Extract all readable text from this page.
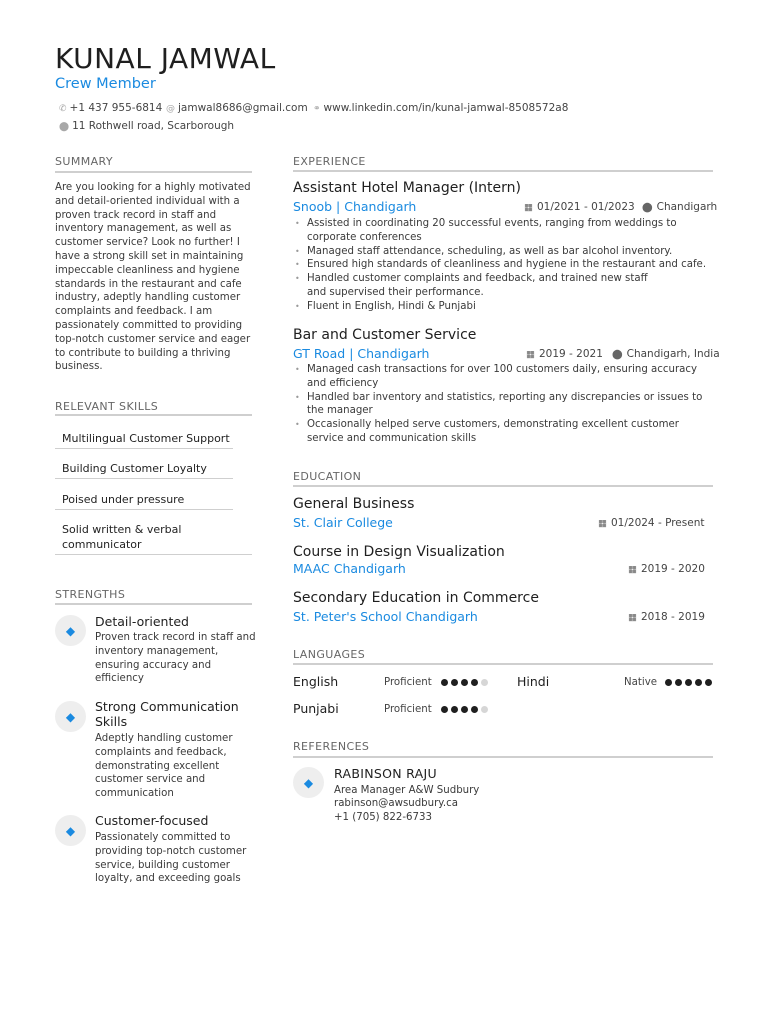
KUNAL JAMWAL
Crew Member
✆ +1 437 955-6814 @ jamwal8686@gmail.com ⚭ www.linkedin.com/in/kunal-jamwal-8508572a8
⬤ 11 Rothwell road, Scarborough
SUMMARY
Are you looking for a highly motivated
and detail-oriented individual with a
proven track record in staff and
inventory management, as well as
customer service? Look no further! I
have a strong skill set in maintaining
impeccable cleanliness and hygiene
standards in the restaurant and cafe
industry, adeptly handling customer
complaints and feedback. I am
passionately committed to providing
top-notch customer service and eager
to contribute to building a thriving
business.
RELEVANT SKILLS
Multilingual Customer Support
Building Customer Loyalty
Poised under pressure
Solid written & verbal communicator
STRENGTHS
◆
Detail-oriented
Proven track record in staff and inventory management, ensuring accuracy and efficiency
◆
Strong Communication Skills
Adeptly handling customer complaints and feedback, demonstrating excellent customer service and communication
◆
Customer-focused
Passionately committed to providing top-notch customer service, building customer loyalty, and exceeding goals
EXPERIENCE
Assistant Hotel Manager (Intern)
Snoob | Chandigarh	▦ 01/2021 - 01/2023 ⬤ Chandigarh
• Assisted in coordinating 20 successful events, ranging from weddings to corporate conferences
• Managed staff attendance, scheduling, as well as bar alcohol inventory.
• Ensured high standards of cleanliness and hygiene in the restaurant and cafe.
• Handled customer complaints and feedback, and trained new staff and supervised their performance.
• Fluent in English, Hindi & Punjabi
Bar and Customer Service
GT Road | Chandigarh	▦ 2019 - 2021 ⬤ Chandigarh, India
• Managed cash transactions for over 100 customers daily, ensuring accuracy and efficiency
• Handled bar inventory and statistics, reporting any discrepancies or issues to the manager
• Occasionally helped serve customers, demonstrating excellent customer service and communication skills
EDUCATION
General Business
St. Clair College	▦ 01/2024 - Present
Course in Design Visualization
MAAC Chandigarh	▦ 2019 - 2020
Secondary Education in Commerce
St. Peter's School Chandigarh	▦ 2018 - 2019
LANGUAGES
English	Proficient	Hindi	Native
Punjabi	Proficient
REFERENCES
◆
RABINSON RAJU
Area Manager A&W Sudbury
rabinson@awsudbury.ca
+1 (705) 822-6733
